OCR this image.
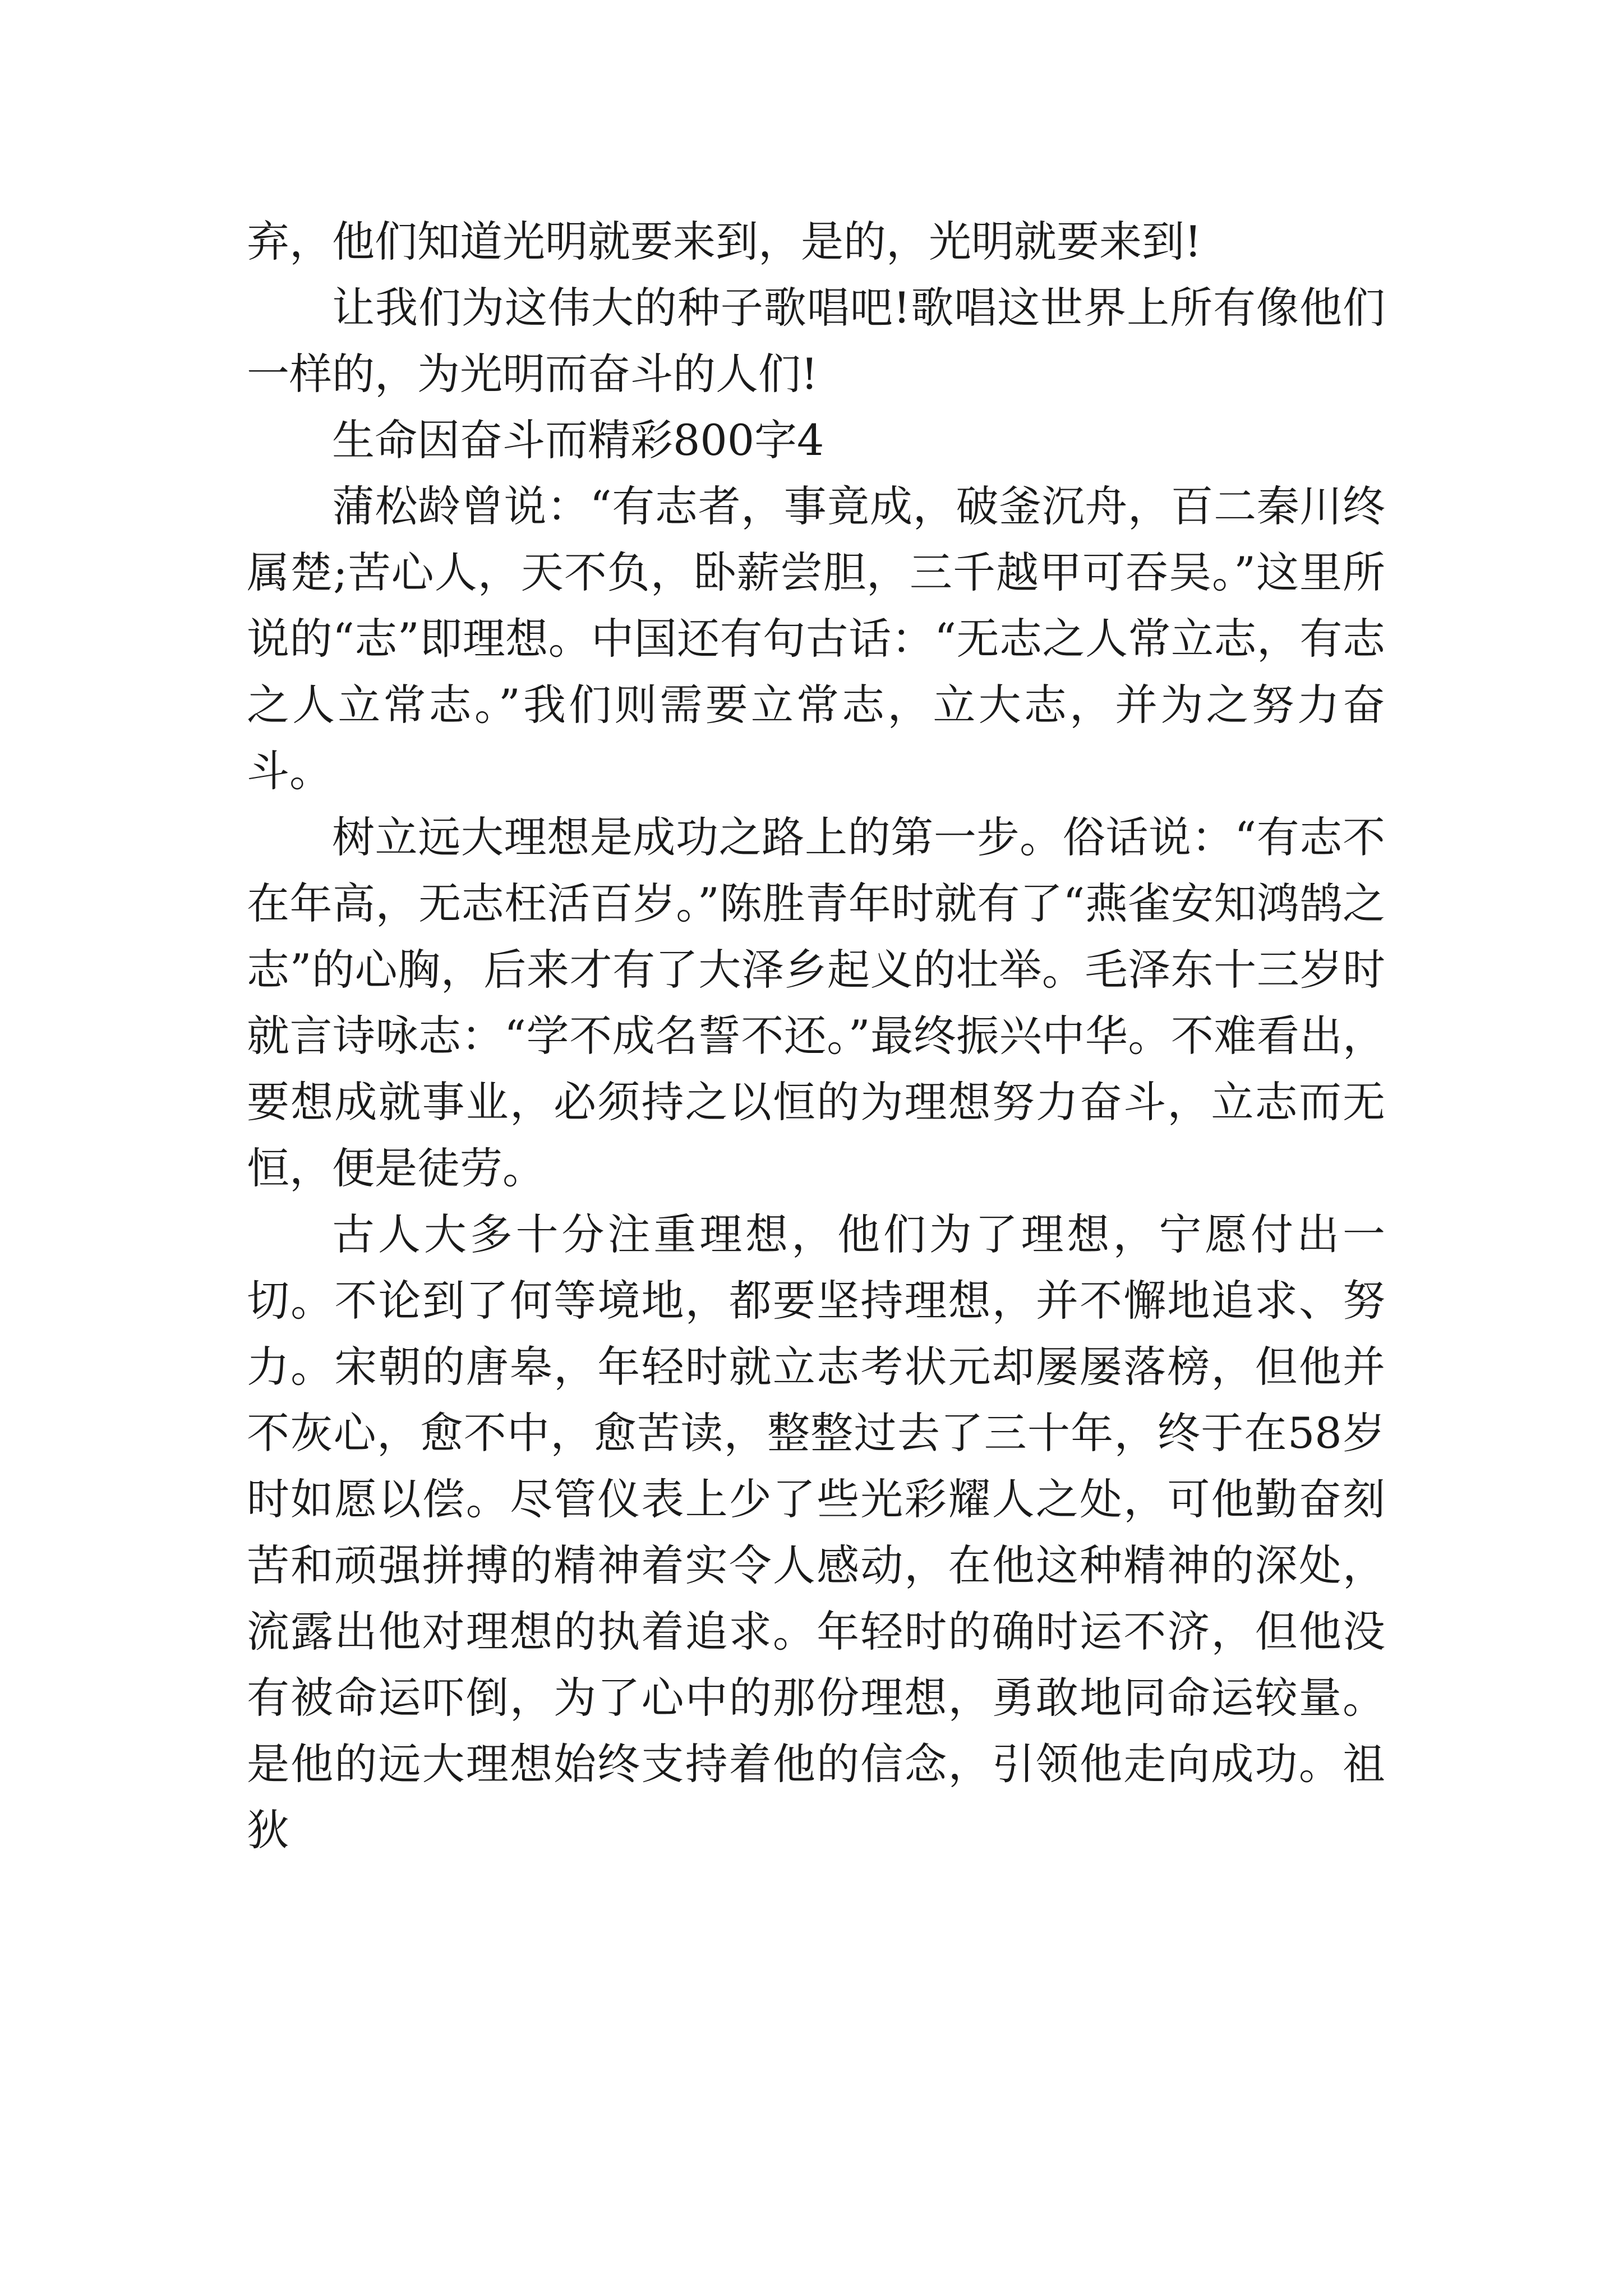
弃，他们知道光明就要来到，是的，光明就要来到!

让我们为这伟大的种子歌唱吧!歌唱这世界上所有像他们一样的，为光明而奋斗的人们!

生命因奋斗而精彩800字4

蒲松龄曾说：“有志者，事竟成，破釜沉舟，百二秦川终属楚;苦心人，天不负，卧薪尝胆，三千越甲可吞吴。”这里所说的“志”即理想。中国还有句古话：“无志之人常立志，有志之人立常志。”我们则需要立常志，立大志，并为之努力奋斗。

树立远大理想是成功之路上的第一步。俗话说：“有志不在年高，无志枉活百岁。”陈胜青年时就有了“燕雀安知鸿鹄之志”的心胸，后来才有了大泽乡起义的壮举。毛泽东十三岁时就言诗咏志：“学不成名誓不还。”最终振兴中华。不难看出，要想成就事业，必须持之以恒的为理想努力奋斗，立志而无恒，便是徒劳。

古人大多十分注重理想，他们为了理想，宁愿付出一切。不论到了何等境地，都要坚持理想，并不懈地追求、努力。宋朝的唐皋，年轻时就立志考状元却屡屡落榜，但他并不灰心，愈不中，愈苦读，整整过去了三十年，终于在58岁时如愿以偿。尽管仪表上少了些光彩耀人之处，可他勤奋刻苦和顽强拼搏的精神着实令人感动，在他这种精神的深处，流露出他对理想的执着追求。年轻时的确时运不济，但他没有被命运吓倒，为了心中的那份理想，勇敢地同命运较量。是他的远大理想始终支持着他的信念，引领他走向成功。祖狄
